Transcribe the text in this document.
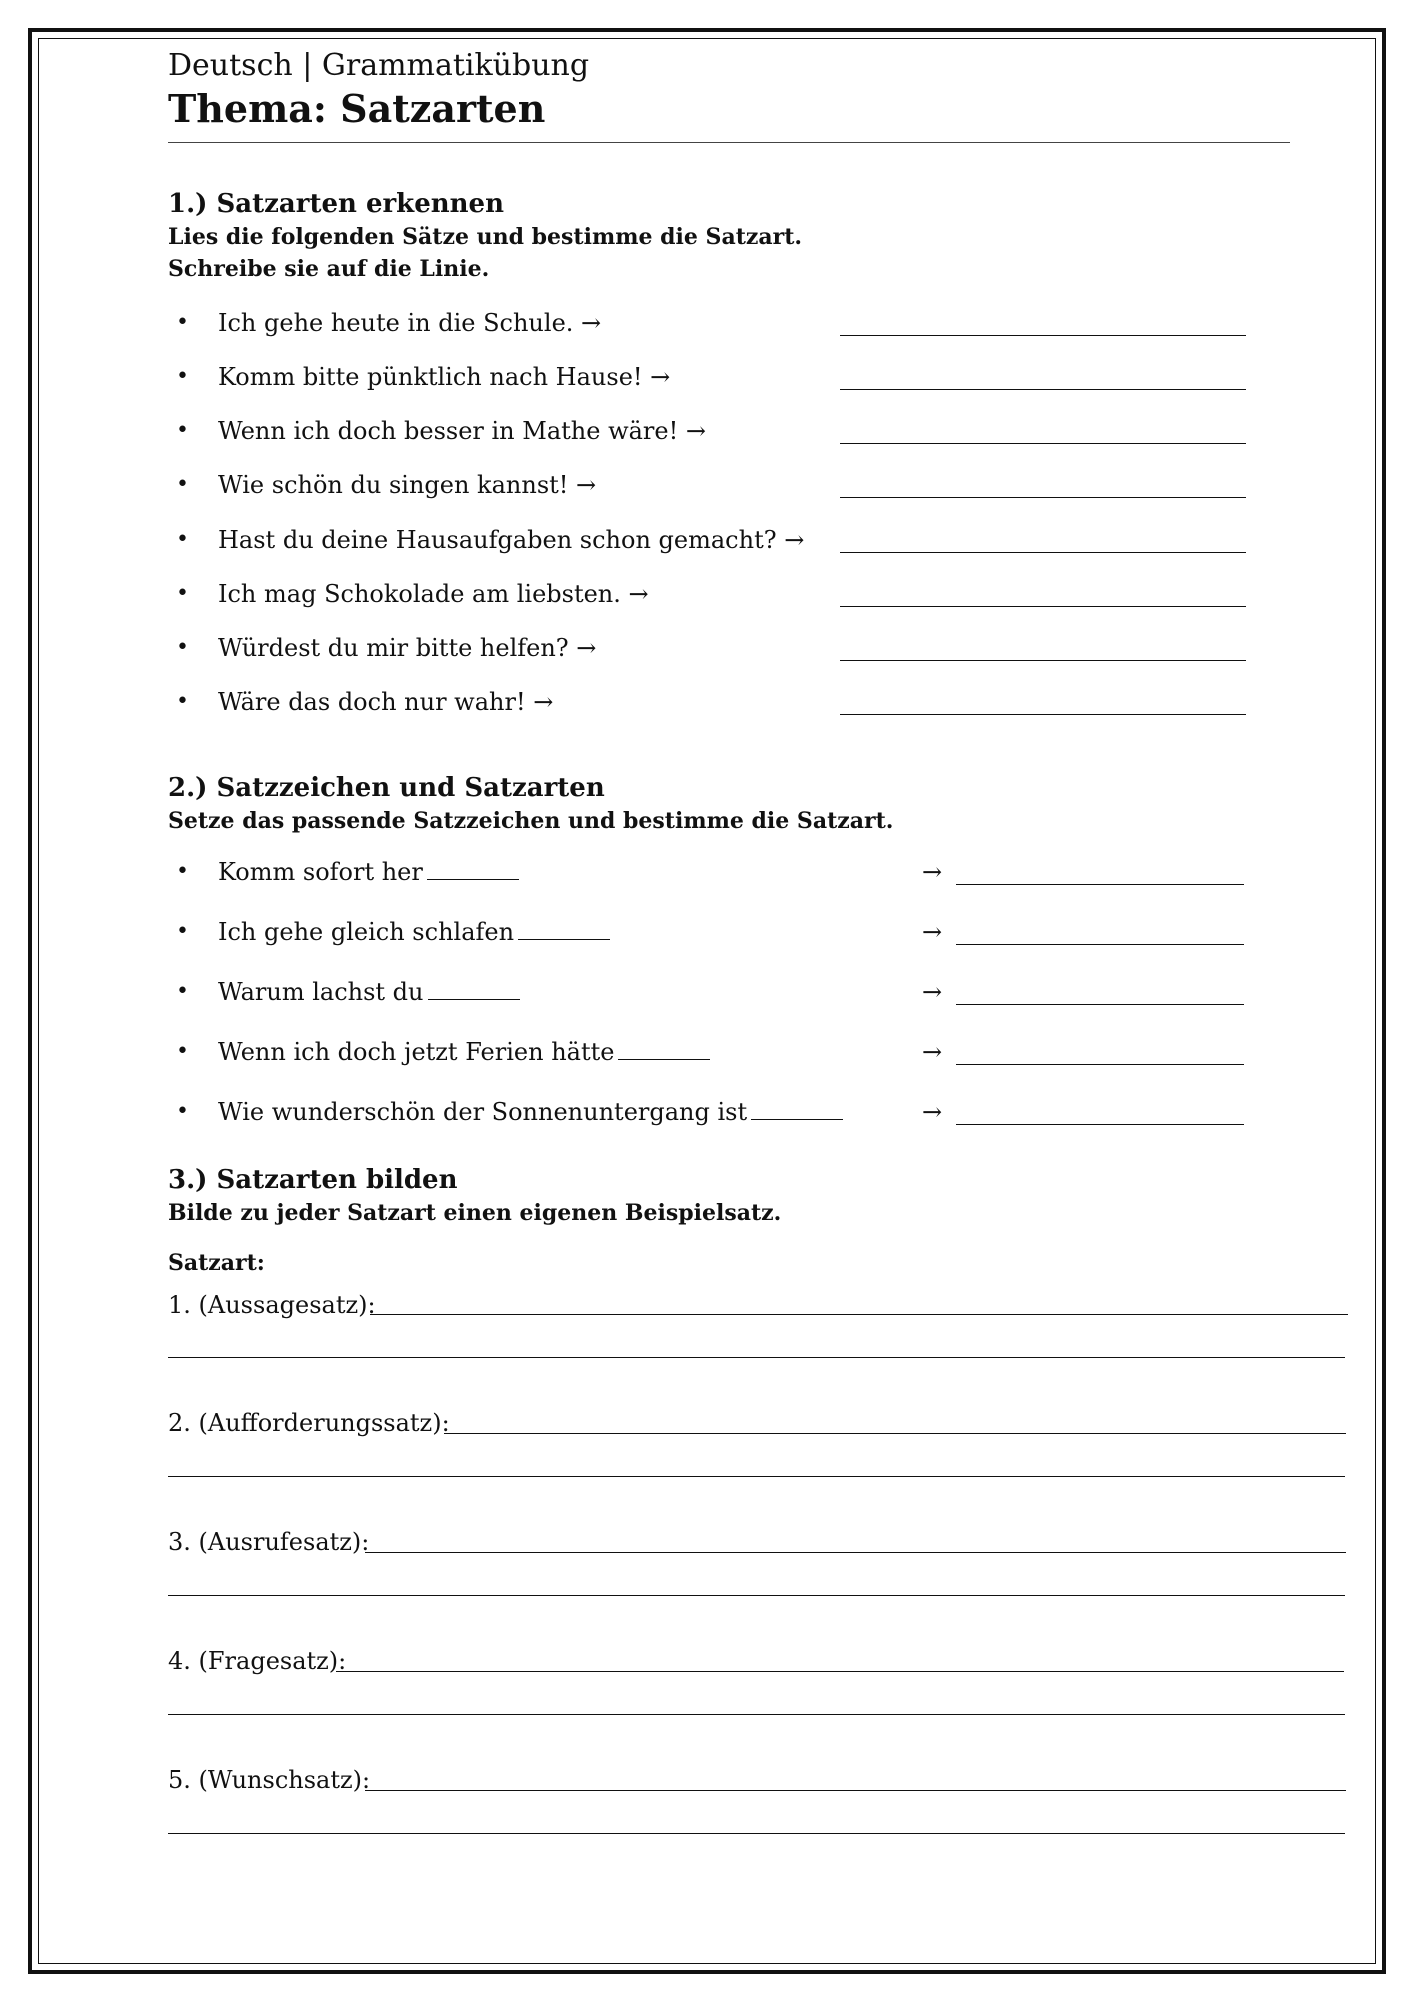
Deutsch | Grammatikübung
Thema: Satzarten
1.) Satzarten erkennen
Lies die folgenden Sätze und bestimme die Satzart.
Schreibe sie auf die Linie.
• Ich gehe heute in die Schule. →
• Komm bitte pünktlich nach Hause! →
• Wenn ich doch besser in Mathe wäre! →
• Wie schön du singen kannst! →
• Hast du deine Hausaufgaben schon gemacht? →
• Ich mag Schokolade am liebsten. →
• Würdest du mir bitte helfen? →
• Wäre das doch nur wahr! →
2.) Satzzeichen und Satzarten
Setze das passende Satzzeichen und bestimme die Satzart.
• Komm sofort her	→
• Ich gehe gleich schlafen	→
• Warum lachst du	→
• Wenn ich doch jetzt Ferien hätte	→
• Wie wunderschön der Sonnenuntergang ist	→
3.) Satzarten bilden
Bilde zu jeder Satzart einen eigenen Beispielsatz.
Satzart:
1. (Aussagesatz):
2. (Aufforderungssatz):
3. (Ausrufesatz):
4. (Fragesatz):
5. (Wunschsatz):
